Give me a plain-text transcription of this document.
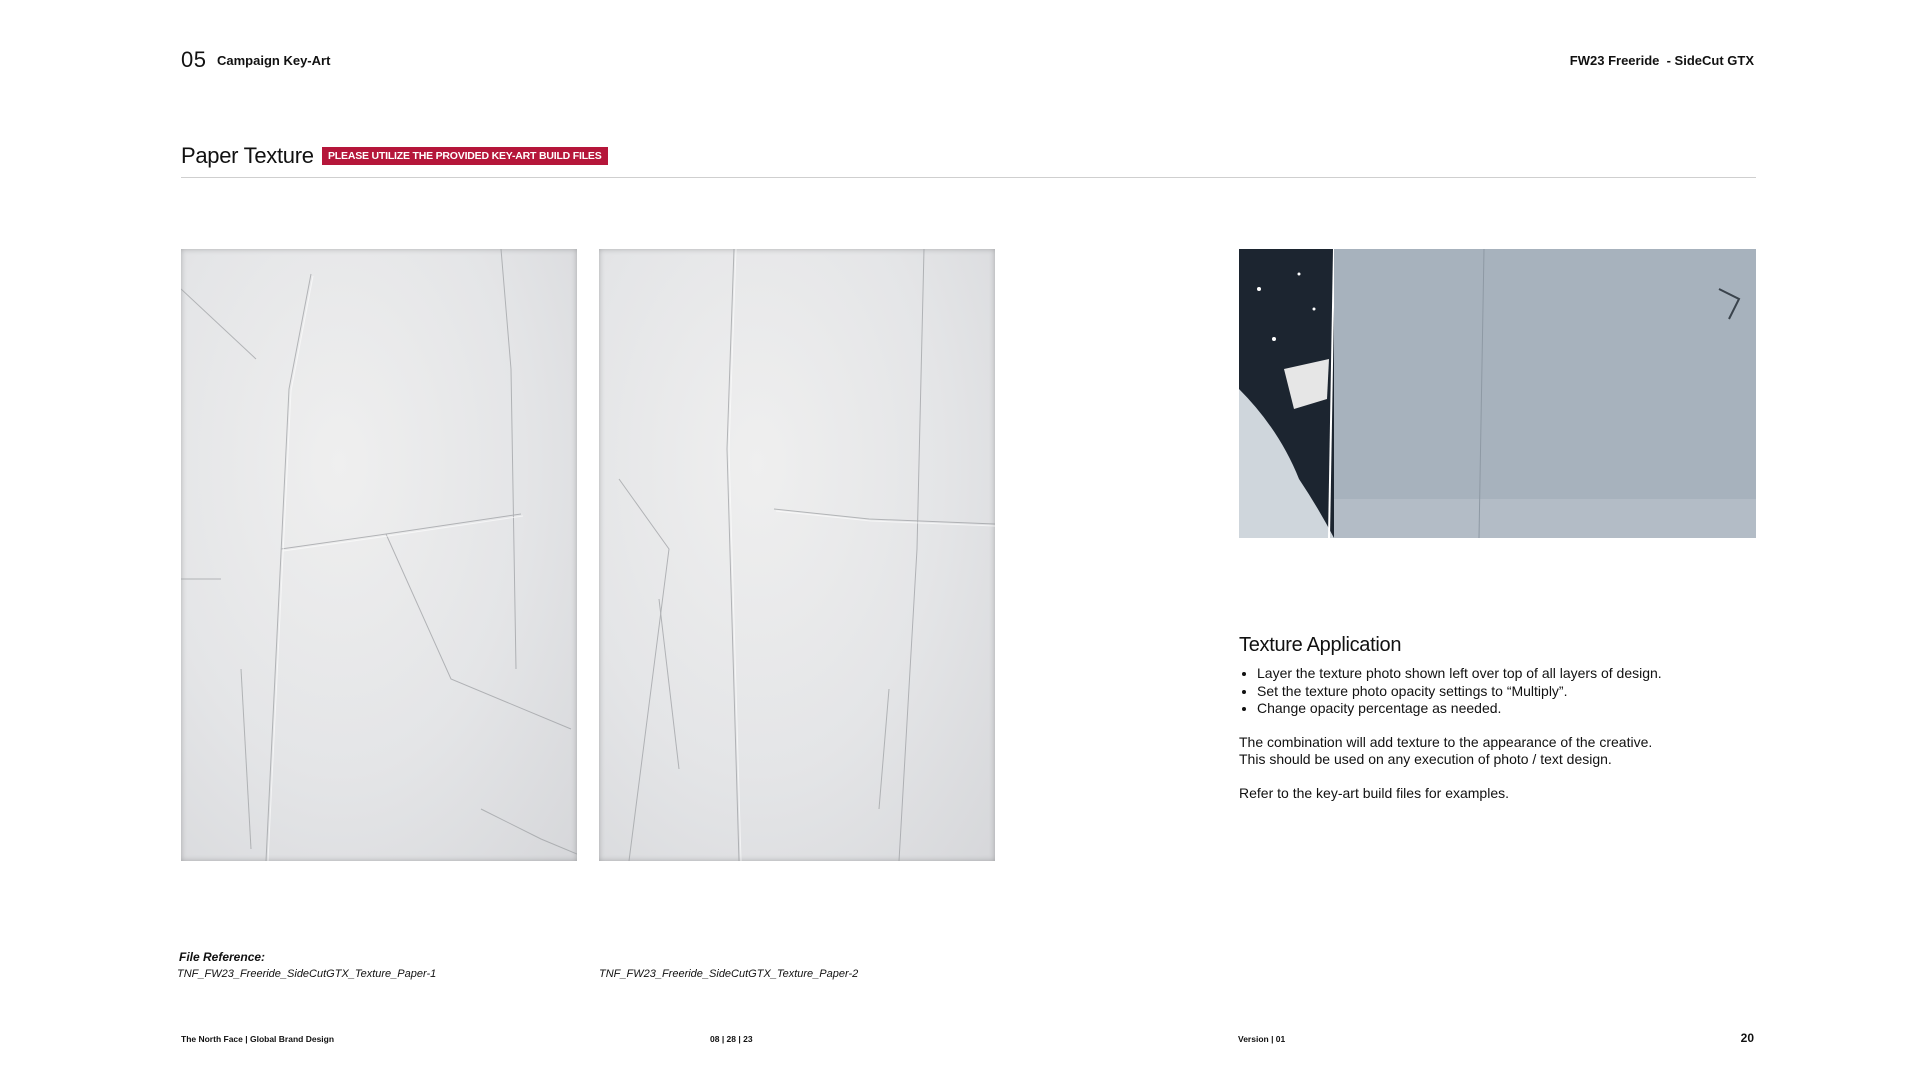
05 Campaign Key-Art	FW23 Freeride  - SideCut GTX
Paper Texture	PLEASE UTILIZE THE PROVIDED KEY-ART BUILD FILES
Texture Application
• Layer the texture photo shown left over top of all layers of design.
• Set the texture photo opacity settings to “Multiply”.
• Change opacity percentage as needed.
The combination will add texture to the appearance of the creative.
This should be used on any execution of photo / text design.
Refer to the key-art build files for examples.
File Reference:
TNF_FW23_Freeride_SideCutGTX_Texture_Paper-1	TNF_FW23_Freeride_SideCutGTX_Texture_Paper-2
The North Face | Global Brand Design	08 | 28 | 23	Version | 01	20
